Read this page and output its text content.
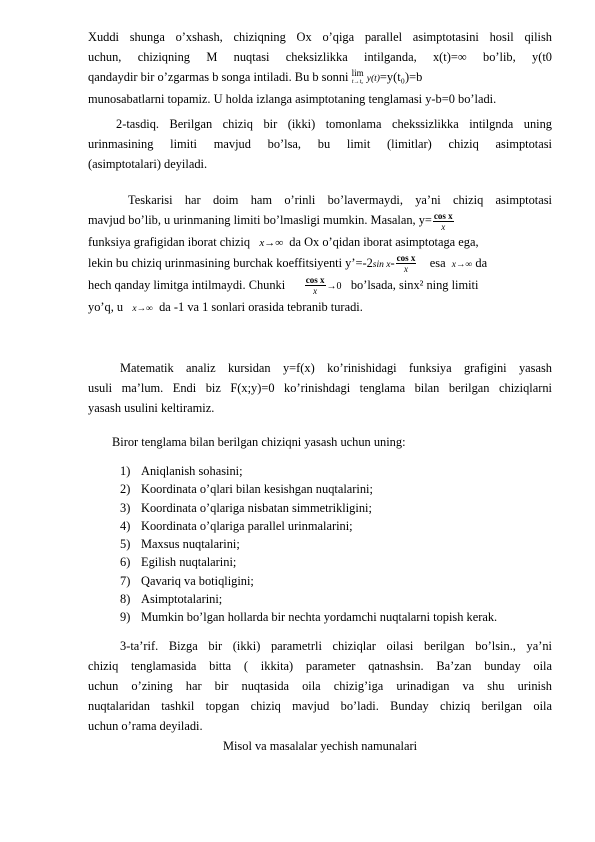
Xuddi shunga o’xshash, chiziqning Ox o’qiga parallel asimptotasini hosil qilish
uchun, chiziqning M nuqtasi cheksizlikka intilganda, x(t)=∞ bo’lib, y(t0
qandaydir bir o’zgarmas b songa intiladi. Bu b sonni lim
t→t₀ y(t)=y(t₀)=b
munosabatlarni topamiz. U holda izlanga asimptotaning tenglamasi y-b=0 bo’ladi.
2-tasdiq. Berilgan chiziq bir (ikki) tomonlama chekssizlikka intilgnda uning
urinmasining limiti mavjud bo’lsa, bu limit (limitlar) chiziq asimptotasi
(asimptotalari) deyiladi.
Teskarisi har doim ham o’rinli bo’lavermaydi, ya’ni chiziq asimptotasi
mavjud bo’lib, u urinmaning limiti bo’lmasligi mumkin. Masalan, $y= \frac{\text{cos x}}{x}$
funksiya grafigidan iborat chiziq x→∞ da Ox o’qidan iborat asimptotaga ega,
lekin bu chiziq urinmasining burchak koeffitsiyenti y’=-2sin $x- \frac{\text{cos x}}{x}$ esa x→∞ da
hech qanday limitga intilmaydi. Chunki $\frac{\text{cos x}}{x} \to 0$ bo’lsada, sinx² ning limiti
yo’q, u x→∞ da -1 va 1 sonlari orasida tebranib turadi.
Matematik analiz kursidan y=f(x) ko’rinishidagi funksiya grafigini yasash
usuli ma’lum. Endi biz F(x;y)=0 ko’rinishdagi tenglama bilan berilgan chiziqlarni
yasash usulini keltiramiz.
Biror tenglama bilan berilgan chiziqni yasash uchun uning:
1) Aniqlanish sohasini;
2) Koordinata o’qlari bilan kesishgan nuqtalarini;
3) Koordinata o’qlariga nisbatan simmetrikligini;
4) Koordinata o’qlariga parallel urinmalarini;
5) Maxsus nuqtalarini;
6) Egilish nuqtalarini;
7) Qavariq va botiqligini;
8) Asimptotalarini;
9) Mumkin bo’lgan hollarda bir nechta yordamchi nuqtalarni topish kerak.
3-ta’rif. Bizga bir (ikki) parametrli chiziqlar oilasi berilgan bo’lsin., ya’ni
chiziq tenglamasida bitta ( ikkita) parameter qatnashsin. Ba’zan bunday oila
uchun o’zining har bir nuqtasida oila chizig’iga urinadigan va shu urinish
nuqtalaridan tashkil topgan chiziq mavjud bo’ladi. Bunday chiziq berilgan oila
uchun o’rama deyiladi.
Misol va masalalar yechish namunalari
